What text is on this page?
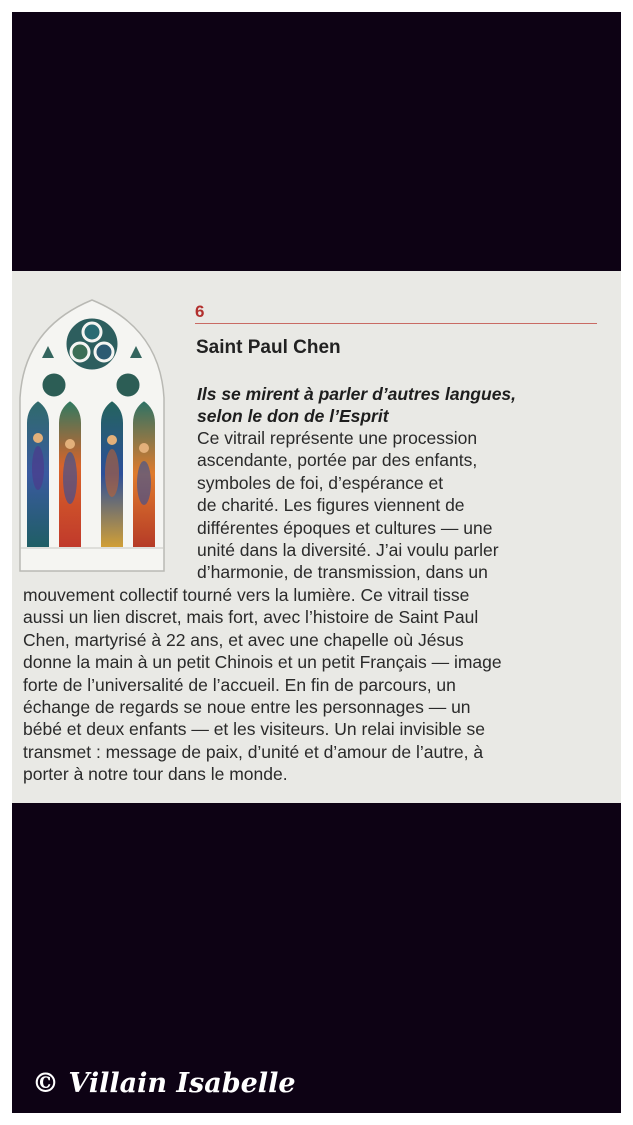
6
Saint Paul Chen
Ils se mirent à parler d’autres langues,
selon le don de l’Esprit
Ce vitrail représente une procession
ascendante, portée par des enfants,
symboles de foi, d’espérance et
de charité. Les figures viennent de
différentes époques et cultures — une
unité dans la diversité. J’ai voulu parler
d’harmonie, de transmission, dans un
mouvement collectif tourné vers la lumière. Ce vitrail tisse
aussi un lien discret, mais fort, avec l’histoire de Saint Paul
Chen, martyrisé à 22 ans, et avec une chapelle où Jésus
donne la main à un petit Chinois et un petit Français — image
forte de l’universalité de l’accueil. En fin de parcours, un
échange de regards se noue entre les personnages — un
bébé et deux enfants — et les visiteurs. Un relai invisible se
transmet : message de paix, d’unité et d’amour de l’autre, à
porter à notre tour dans le monde.
© Villain Isabelle
